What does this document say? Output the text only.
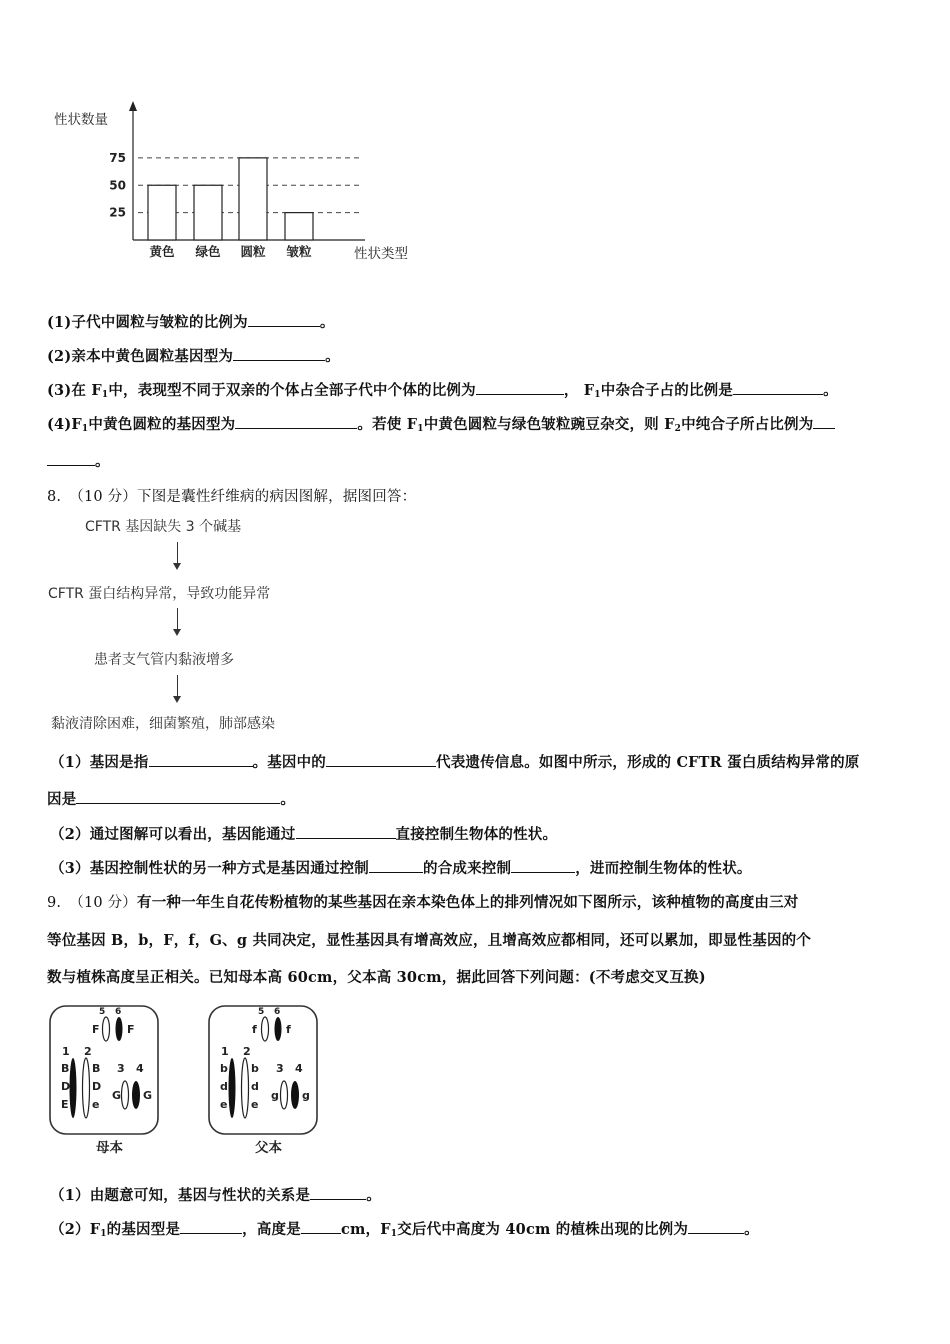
性状数量
性状类型
25
50
75
黄色 绿色 圆粒 皱粒
(1)子代中圆粒与皱粒的比例为	。
(2)亲本中黄色圆粒基因型为	。
(3)在 $F_1$中，表现型不同于双亲的个体占全部子代中个体的比例为	， $F_1$中杂合子占的比例是	。
$(4)F_1$中黄色圆粒的基因型为	。若使 $F_1$中黄色圆粒与绿色皱粒豌豆杂交，则 $F_2$中纯合子所占比例为
。
8. （10 分）下图是囊性纤维病的病因图解，据图回答：
CFTR 基因缺失 3 个碱基
CFTR 蛋白结构异常，导致功能异常
患者支气管内黏液增多
黏液清除困难，细菌繁殖，肺部感染
（1）基因是指	。基因中的	代表遗传信息。如图中所示，形成的 CFTR 蛋白质结构异常的原
因是	。
（2）通过图解可以看出，基因能通过	直接控制生物体的性状。
（3）基因控制性状的另一种方式是基因通过控制	的合成来控制	，进而控制生物体的性状。
9. （10 分）有一种一年生自花传粉植物的某些基因在亲本染色体上的排列情况如下图所示，该种植物的高度由三对
等位基因 B，b，F，f，G、g 共同决定，显性基因具有增高效应，且增高效应都相同，还可以累加，即显性基因的个
数与植株高度呈正相关。已知母本高 60cm，父本高 30cm，据此回答下列问题：(不考虑交叉互换)
5 6
F F
1 2
B
D
E
B
D
e
3 4
G G
母本
5 6
f	f
1 2
b
d
e
b
d
e
3 4
g g
父本
（1）由题意可知，基因与性状的关系是	。
$(2)F_1$的基因型是	，高度是	cm，$F_1$交后代中高度为 40cm 的植株出现的比例为	。
